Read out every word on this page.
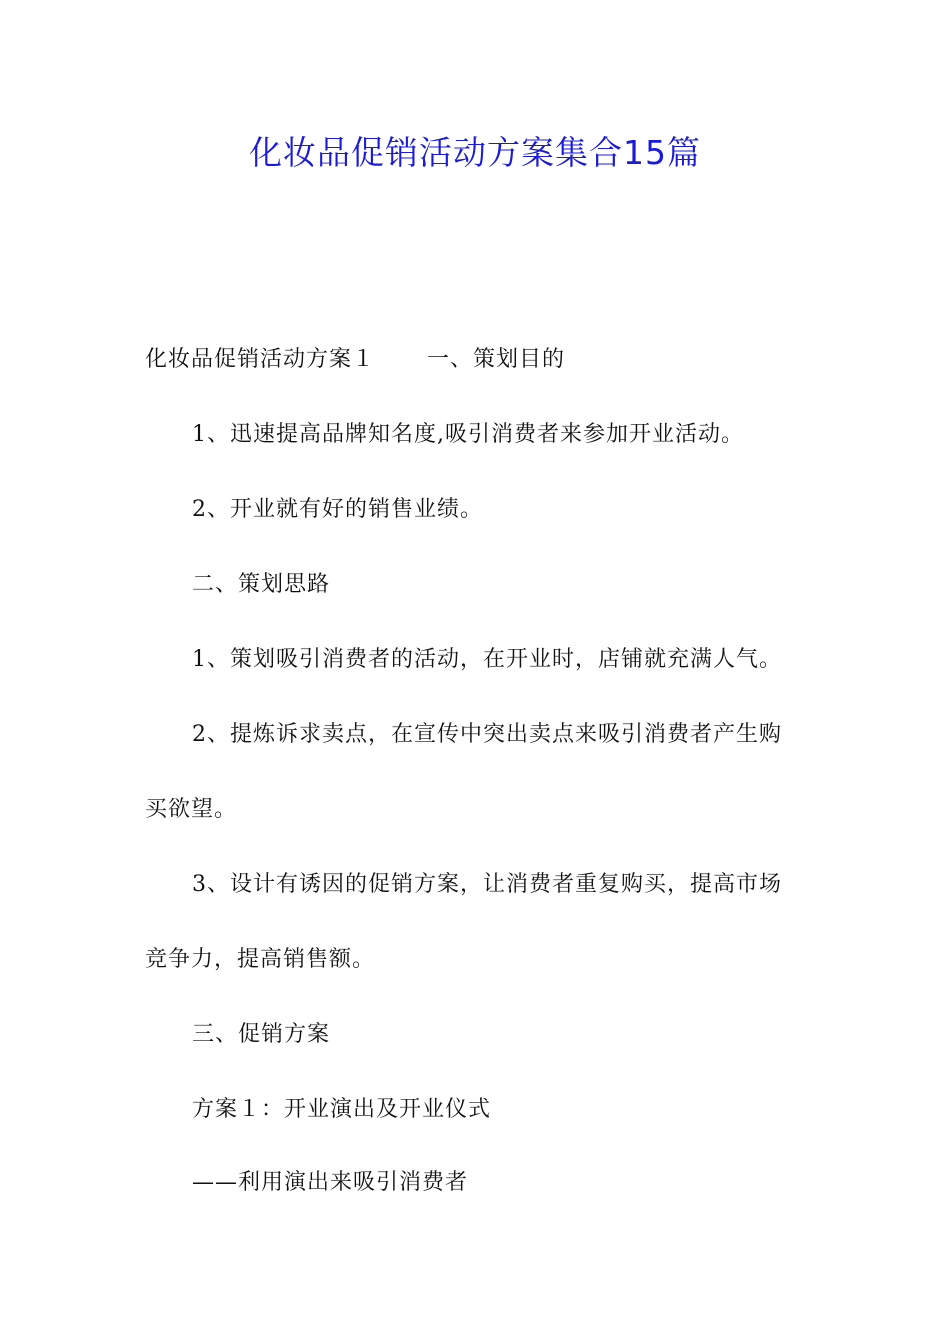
化妆品促销活动方案集合15篇
化妆品促销活动方案１ 一、策划目的
1、迅速提高品牌知名度,吸引消费者来参加开业活动。
2、开业就有好的销售业绩。
二、策划思路
1、策划吸引消费者的活动，在开业时，店铺就充满人气。
2、提炼诉求卖点，在宣传中突出卖点来吸引消费者产生购
买欲望。
3、设计有诱因的促销方案，让消费者重复购买，提高市场
竞争力，提高销售额。
三、促销方案
方案１：开业演出及开业仪式
——利用演出来吸引消费者
